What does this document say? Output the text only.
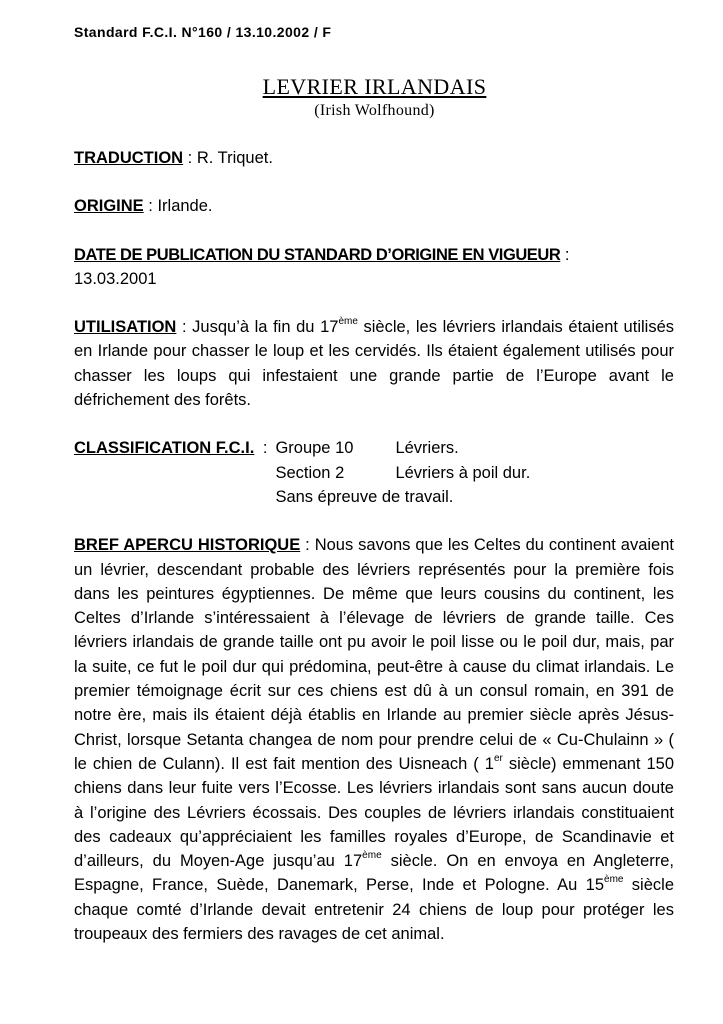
Standard F.C.I. N°160 / 13.10.2002 / F
LEVRIER IRLANDAIS
(Irish Wolfhound)

TRADUCTION : R. Triquet.

ORIGINE : Irlande.

DATE DE PUBLICATION DU STANDARD D’ORIGINE EN VIGUEUR :
13.03.2001

UTILISATION : Jusqu’à la fin du 17ème siècle, les lévriers irlandais étaient utilisés en Irlande pour chasser le loup et les cervidés. Ils étaient également utilisés pour chasser les loups qui infestaient une grande partie de l’Europe avant le défrichement des forêts.

CLASSIFICATION F.C.I. : Groupe 10	Lévriers.
Section 2	Lévriers à poil dur.
Sans épreuve de travail.

BREF APERCU HISTORIQUE : Nous savons que les Celtes du continent avaient un lévrier, descendant probable des lévriers représentés pour la première fois dans les peintures égyptiennes. De même que leurs cousins du continent, les Celtes d’Irlande s’intéressaient à l’élevage de lévriers de grande taille. Ces lévriers irlandais de grande taille ont pu avoir le poil lisse ou le poil dur, mais, par la suite, ce fut le poil dur qui prédomina, peut-être à cause du climat irlandais. Le premier témoignage écrit sur ces chiens est dû à un consul romain, en 391 de notre ère, mais ils étaient déjà établis en Irlande au premier siècle après Jésus-Christ, lorsque Setanta changea de nom pour prendre celui de « Cu-Chulainn » ( le chien de Culann). Il est fait mention des Uisneach ( 1er siècle) emmenant 150 chiens dans leur fuite vers l’Ecosse. Les lévriers irlandais sont sans aucun doute à l’origine des Lévriers écossais. Des couples de lévriers irlandais constituaient des cadeaux qu’appréciaient les familles royales d’Europe, de Scandinavie et d’ailleurs, du Moyen-Age jusqu’au 17ème siècle. On en envoya en Angleterre, Espagne, France, Suède, Danemark, Perse, Inde et Pologne. Au 15ème siècle chaque comté d’Irlande devait entretenir 24 chiens de loup pour protéger les troupeaux des fermiers des ravages de cet animal.
